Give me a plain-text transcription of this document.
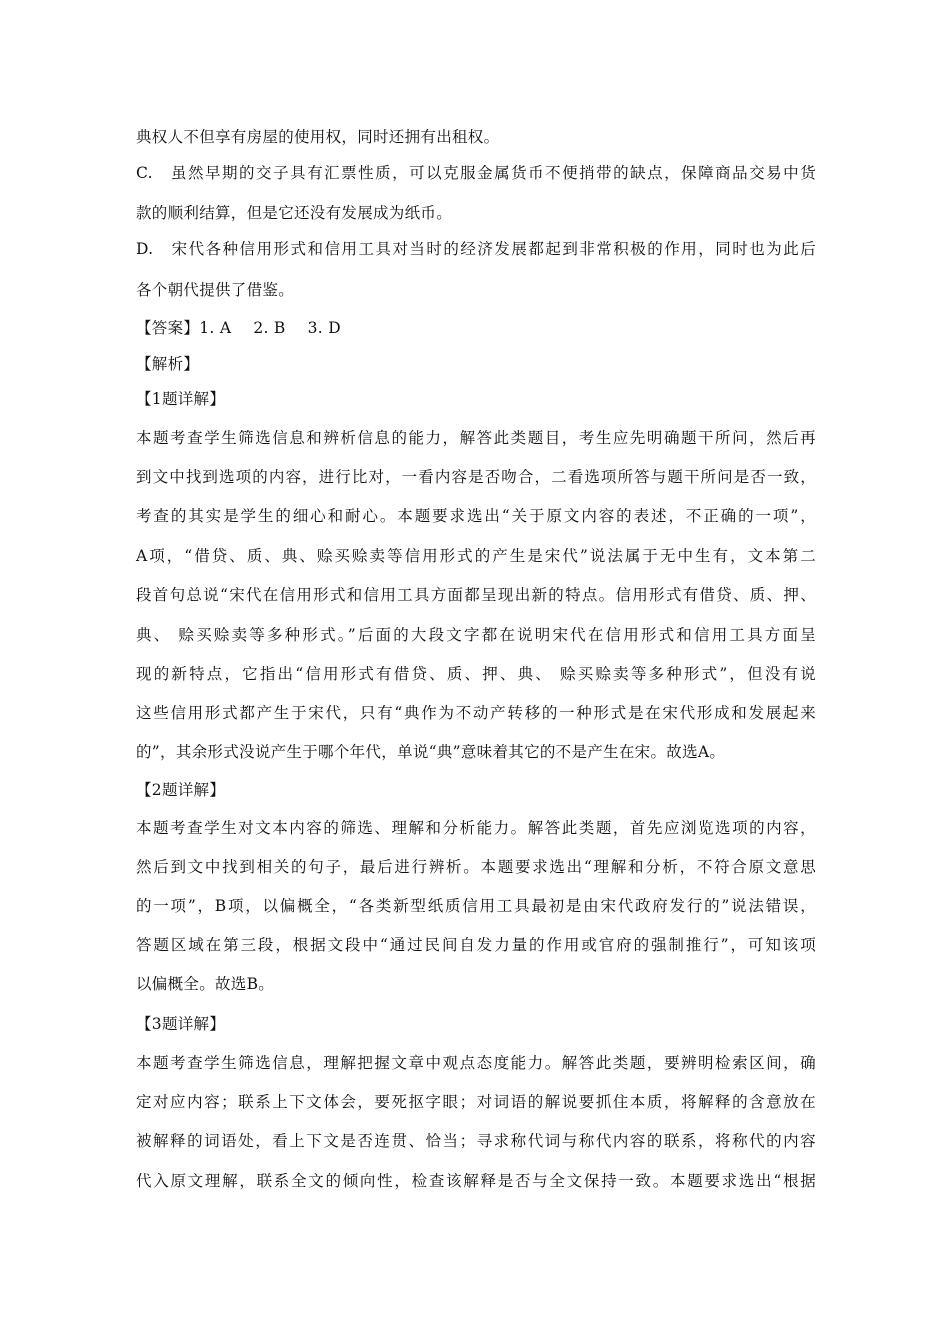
典权人不但享有房屋的使用权，同时还拥有出租权。
C.　虽然早期的交子具有汇票性质，可以克服金属货币不便捎带的缺点，保障商品交易中货
款的顺利结算，但是它还没有发展成为纸币。
D.　宋代各种信用形式和信用工具对当时的经济发展都起到非常积极的作用，同时也为此后
各个朝代提供了借鉴。
【答案】1. A 2. B 3. D
【解析】
【1题详解】
本题考查学生筛选信息和辨析信息的能力，解答此类题目，考生应先明确题干所问，然后再
到文中找到选项的内容，进行比对，一看内容是否吻合，二看选项所答与题干所问是否一致，
考查的其实是学生的细心和耐心。本题要求选出“关于原文内容的表述，不正确的一项”，
A项，“借贷、质、典、赊买赊卖等信用形式的产生是宋代”说法属于无中生有，文本第二
段首句总说“宋代在信用形式和信用工具方面都呈现出新的特点。信用形式有借贷、质、押、
典、 赊买赊卖等多种形式。”后面的大段文字都在说明宋代在信用形式和信用工具方面呈
现的新特点，它指出“信用形式有借贷、质、押、典、 赊买赊卖等多种形式”，但没有说
这些信用形式都产生于宋代，只有“典作为不动产转移的一种形式是在宋代形成和发展起来
的”，其余形式没说产生于哪个年代，单说“典”意味着其它的不是产生在宋。故选A。
【2题详解】
本题考查学生对文本内容的筛选、理解和分析能力。解答此类题，首先应浏览选项的内容，
然后到文中找到相关的句子，最后进行辨析。本题要求选出“理解和分析，不符合原文意思
的一项”，B项，以偏概全，“各类新型纸质信用工具最初是由宋代政府发行的”说法错误，
答题区域在第三段，根据文段中“通过民间自发力量的作用或官府的强制推行”，可知该项
以偏概全。故选B。
【3题详解】
本题考查学生筛选信息，理解把握文章中观点态度能力。解答此类题，要辨明检索区间，确
定对应内容；联系上下文体会，要死抠字眼；对词语的解说要抓住本质，将解释的含意放在
被解释的词语处，看上下文是否连贯、恰当；寻求称代词与称代内容的联系，将称代的内容
代入原文理解，联系全文的倾向性，检查该解释是否与全文保持一致。本题要求选出“根据
